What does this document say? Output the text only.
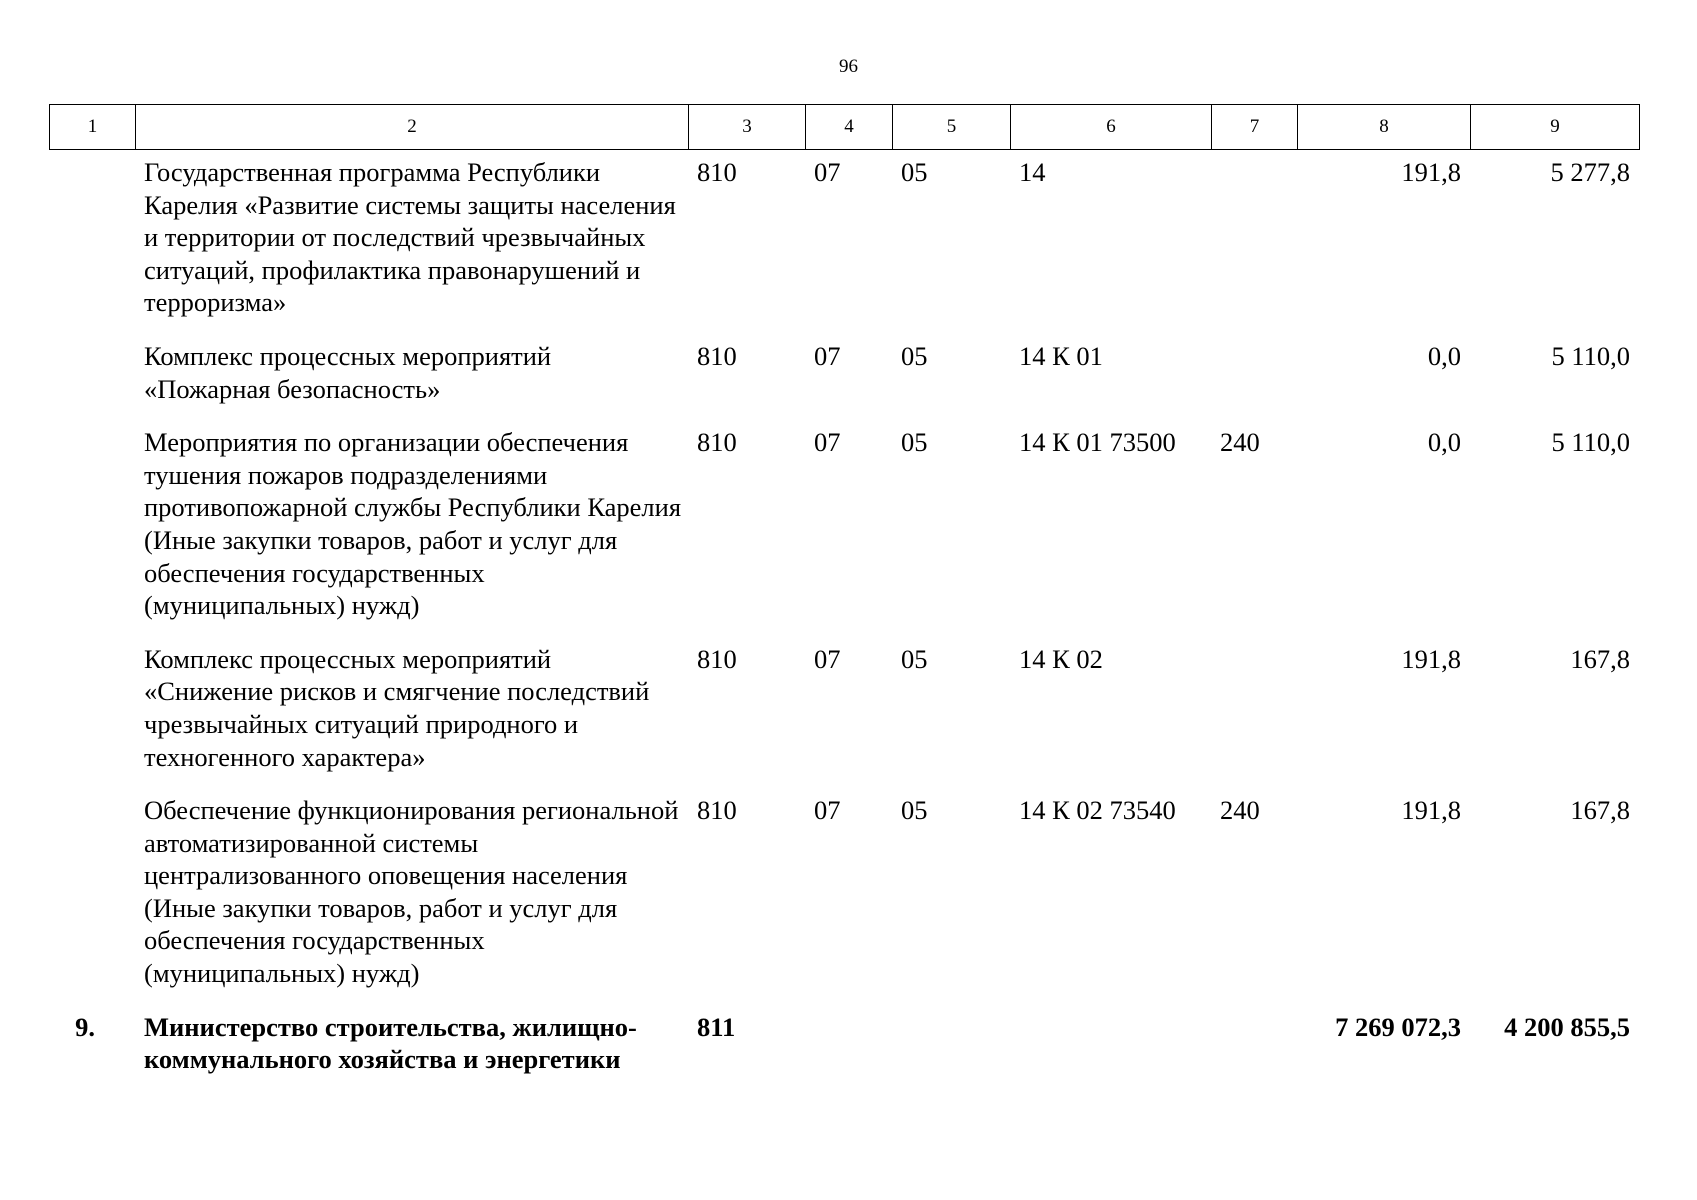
96
1	2	3	4	5	6	7	8	9
	Государственная программа Республики Карелия «Развитие системы защиты населения и территории от последствий чрезвычайных ситуаций, профилактика правонарушений и терроризма»	810	07	05	14		191,8	5 277,8
	Комплекс процессных мероприятий «Пожарная безопасность»	810	07	05	14 К 01		0,0	5 110,0
	Мероприятия по организации обеспечения тушения пожаров подразделениями противопожарной службы Республики Карелия (Иные закупки товаров, работ и услуг для обеспечения государственных (муниципальных) нужд)	810	07	05	14 К 01 73500	240	0,0	5 110,0
	Комплекс процессных мероприятий «Снижение рисков и смягчение последствий чрезвычайных ситуаций природного и техногенного характера»	810	07	05	14 К 02		191,8	167,8
	Обеспечение функционирования региональной автоматизированной системы централизованного оповещения населения (Иные закупки товаров, работ и услуг для обеспечения государственных (муниципальных) нужд)	810	07	05	14 К 02 73540	240	191,8	167,8
9.	Министерство строительства, жилищно-коммунального хозяйства и энергетики	811					7 269 072,3	4 200 855,5
